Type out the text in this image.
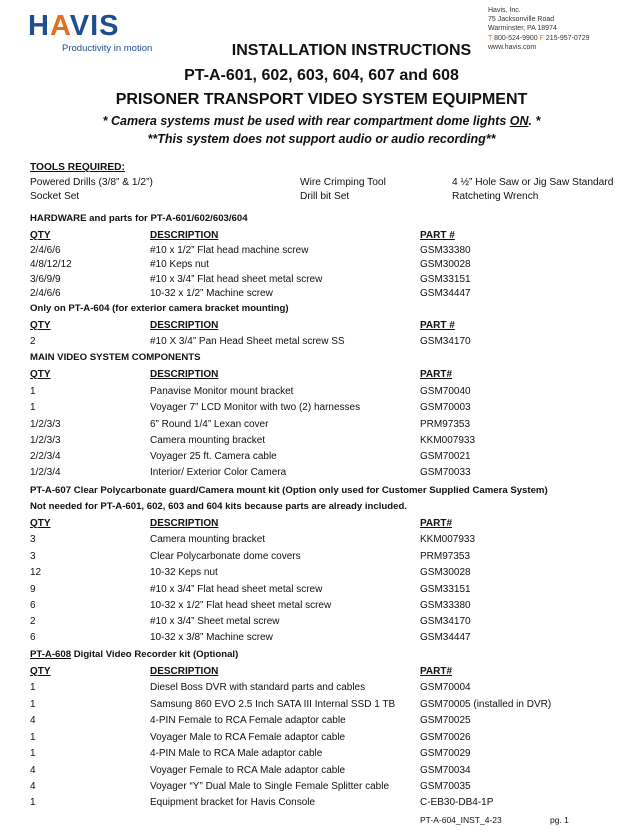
HAVIS
Productivity in motion
Havis, Inc.
75 Jacksonville Road
Warminster, PA 18974
T 800-524-9900 F 215-957-0729
www.havis.com
INSTALLATION INSTRUCTIONS
PT-A-601, 602, 603, 604, 607 and 608
PRISONER TRANSPORT VIDEO SYSTEM EQUIPMENT
* Camera systems must be used with rear compartment dome lights ON. *
**This system does not support audio or audio recording**
TOOLS REQUIRED:
Powered Drills (3/8” & 1/2”)	Wire Crimping Tool	4 ½” Hole Saw or Jig Saw Standard
Socket Set	Drill bit Set	Ratcheting Wrench
HARDWARE and parts for PT-A-601/602/603/604
QTY	DESCRIPTION	PART #
2/4/6/6	#10 x 1/2” Flat head machine screw	GSM33380
4/8/12/12	#10 Keps nut	GSM30028
3/6/9/9	#10 x 3/4” Flat head sheet metal screw	GSM33151
2/4/6/6	10-32 x 1/2” Machine screw	GSM34447
Only on PT-A-604 (for exterior camera bracket mounting)
QTY	DESCRIPTION	PART #
2	#10 X 3/4” Pan Head Sheet metal screw SS	GSM34170
MAIN VIDEO SYSTEM COMPONENTS
QTY	DESCRIPTION	PART#
1	Panavise Monitor mount bracket	GSM70040
1	Voyager 7” LCD Monitor with two (2) harnesses	GSM70003
1/2/3/3	6” Round 1/4” Lexan cover	PRM97353
1/2/3/3	Camera mounting bracket	KKM007933
2/2/3/4	Voyager 25 ft. Camera cable	GSM70021
1/2/3/4	Interior/ Exterior Color Camera	GSM70033
PT-A-607 Clear Polycarbonate guard/Camera mount kit (Option only used for Customer Supplied Camera System)
Not needed for PT-A-601, 602, 603 and 604 kits because parts are already included.
QTY	DESCRIPTION	PART#
3	Camera mounting bracket	KKM007933
3	Clear Polycarbonate dome covers	PRM97353
12	10-32 Keps nut	GSM30028
9	#10 x 3/4” Flat head sheet metal screw	GSM33151
6	10-32 x 1/2” Flat head sheet metal screw	GSM33380
2	#10 x 3/4” Sheet metal screw	GSM34170
6	10-32 x 3/8” Machine screw	GSM34447
PT-A-608 Digital Video Recorder kit (Optional)
QTY	DESCRIPTION	PART#
1	Diesel Boss DVR with standard parts and cables	GSM70004
1	Samsung 860 EVO 2.5 Inch SATA III Internal SSD 1 TB GSM70005 (installed in DVR)
4	4-PIN Female to RCA Female adaptor cable	GSM70025
1	Voyager Male to RCA Female adaptor cable	GSM70026
1	4-PIN Male to RCA Male adaptor cable	GSM70029
4	Voyager Female to RCA Male adaptor cable	GSM70034
4	Voyager “Y” Dual Male to Single Female Splitter cable	GSM70035
1	Equipment bracket for Havis Console	C-EB30-DB4-1P
PT-A-604_INST_4-23	pg. 1
